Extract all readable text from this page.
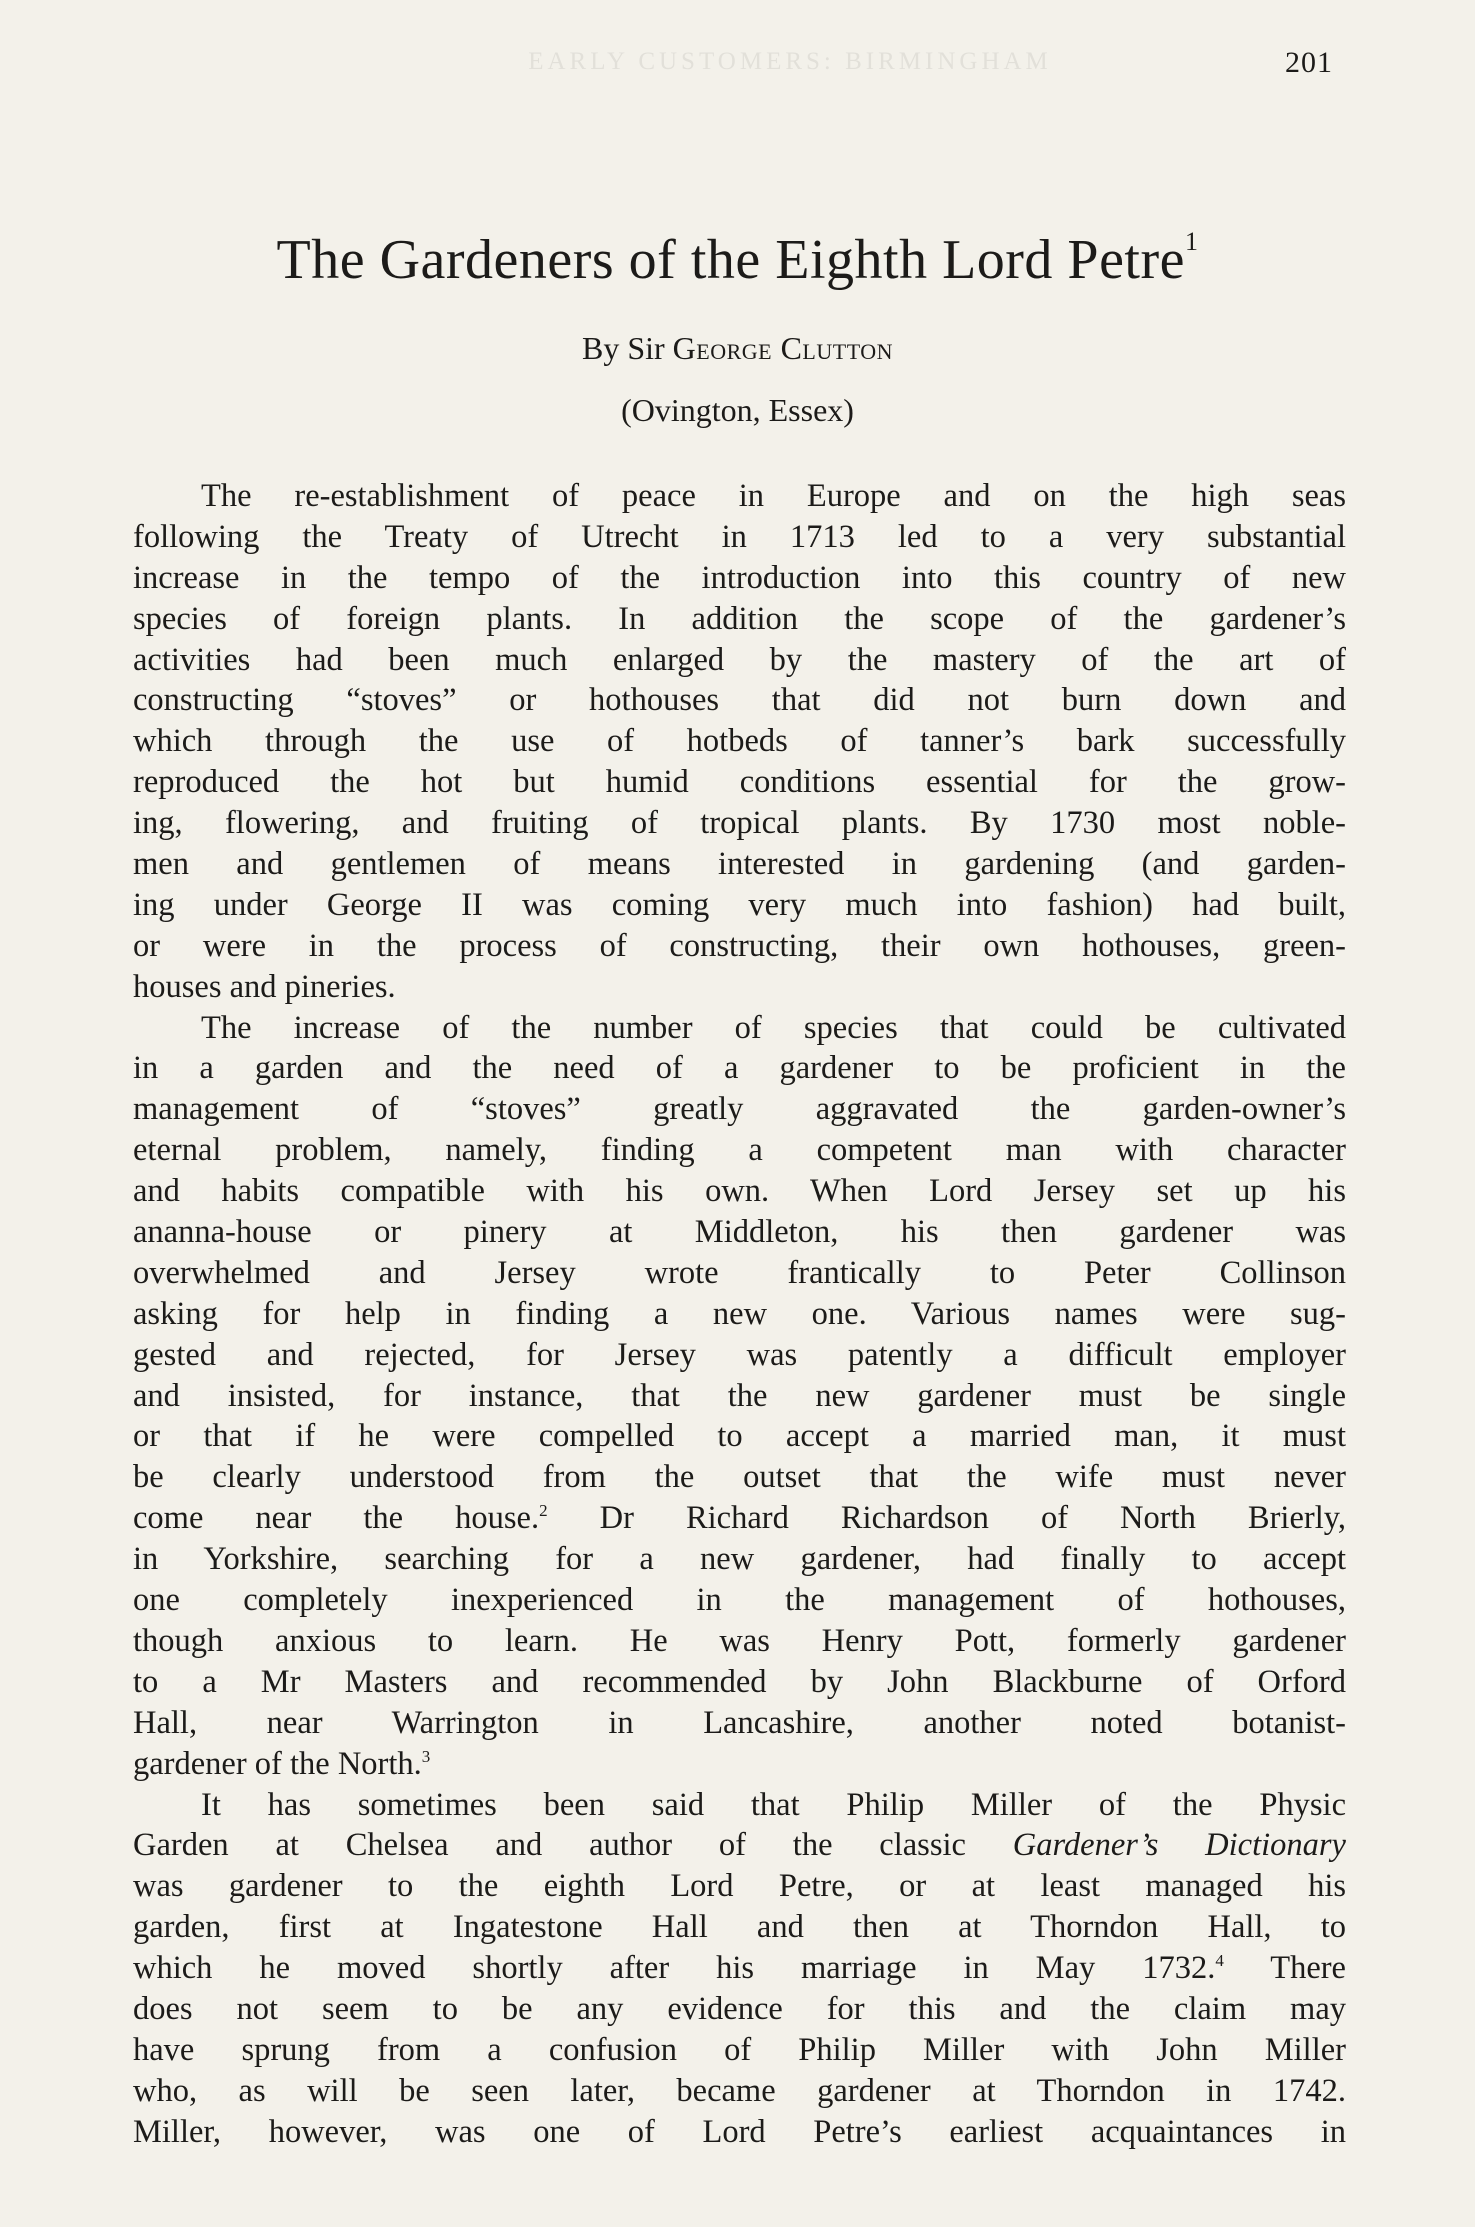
EARLY CUSTOMERS: BIRMINGHAM	201
The Gardeners of the Eighth Lord Petre$^1$
By Sir George Clutton
(Ovington, Essex)
The re-establishment of peace in Europe and on the high seas
following the Treaty of Utrecht in 1713 led to a very substantial
increase in the tempo of the introduction into this country of new
species of foreign plants. In addition the scope of the gardener’s
activities had been much enlarged by the mastery of the art of
constructing “stoves” or hothouses that did not burn down and
which through the use of hotbeds of tanner’s bark successfully
reproduced the hot but humid conditions essential for the grow-
ing, flowering, and fruiting of tropical plants. By 1730 most noble-
men and gentlemen of means interested in gardening (and garden-
ing under George II was coming very much into fashion) had built,
or were in the process of constructing, their own hothouses, green-
houses and pineries.
The increase of the number of species that could be cultivated
in a garden and the need of a gardener to be proficient in the
management of “stoves” greatly aggravated the garden-owner’s
eternal problem, namely, finding a competent man with character
and habits compatible with his own. When Lord Jersey set up his
ananna-house or pinery at Middleton, his then gardener was
overwhelmed and Jersey wrote frantically to Peter Collinson
asking for help in finding a new one. Various names were sug-
gested and rejected, for Jersey was patently a difficult employer
and insisted, for instance, that the new gardener must be single
or that if he were compelled to accept a married man, it must
be clearly understood from the outset that the wife must never
come near the house.$^2$ Dr Richard Richardson of North Brierly,
in Yorkshire, searching for a new gardener, had finally to accept
one completely inexperienced in the management of hothouses,
though anxious to learn. He was Henry Pott, formerly gardener
to a Mr Masters and recommended by John Blackburne of Orford
Hall, near Warrington in Lancashire, another noted botanist-
gardener of the North.$^3$
It has sometimes been said that Philip Miller of the Physic
Garden at Chelsea and author of the classic Gardener’s Dictionary
was gardener to the eighth Lord Petre, or at least managed his
garden, first at Ingatestone Hall and then at Thorndon Hall, to
which he moved shortly after his marriage in May 1732.$^4$ There
does not seem to be any evidence for this and the claim may
have sprung from a confusion of Philip Miller with John Miller
who, as will be seen later, became gardener at Thorndon in 1742.
Miller, however, was one of Lord Petre’s earliest acquaintances in
